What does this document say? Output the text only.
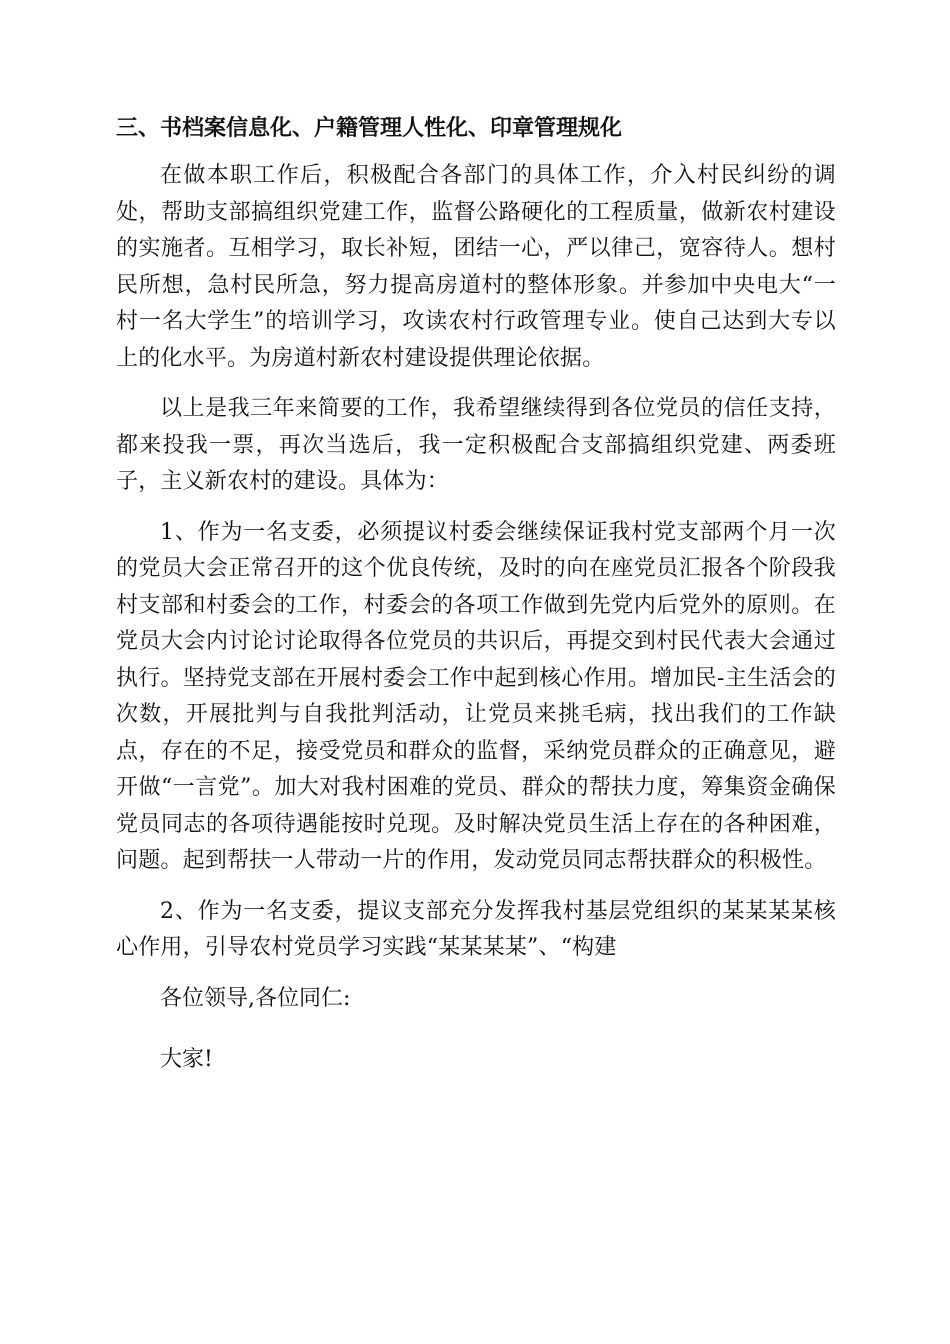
三、书档案信息化、户籍管理人性化、印章管理规化

在做本职工作后，积极配合各部门的具体工作，介入村民纠纷的调处，帮助支部搞组织党建工作，监督公路硬化的工程质量，做新农村建设的实施者。互相学习，取长补短，团结一心，严以律己，宽容待人。想村民所想，急村民所急，努力提高房道村的整体形象。并参加中央电大“一村一名大学生”的培训学习，攻读农村行政管理专业。使自己达到大专以上的化水平。为房道村新农村建设提供理论依据。

以上是我三年来简要的工作，我希望继续得到各位党员的信任支持，都来投我一票，再次当选后，我一定积极配合支部搞组织党建、两委班子，主义新农村的建设。具体为：

1、作为一名支委，必须提议村委会继续保证我村党支部两个月一次的党员大会正常召开的这个优良传统，及时的向在座党员汇报各个阶段我村支部和村委会的工作，村委会的各项工作做到先党内后党外的原则。在党员大会内讨论讨论取得各位党员的共识后，再提交到村民代表大会通过执行。坚持党支部在开展村委会工作中起到核心作用。增加民-主生活会的次数，开展批判与自我批判活动，让党员来挑毛病，找出我们的工作缺点，存在的不足，接受党员和群众的监督，采纳党员群众的正确意见，避开做“一言党”。加大对我村困难的党员、群众的帮扶力度，筹集资金确保党员同志的各项待遇能按时兑现。及时解决党员生活上存在的各种困难，问题。起到帮扶一人带动一片的作用，发动党员同志帮扶群众的积极性。

2、作为一名支委，提议支部充分发挥我村基层党组织的某某某某核心作用，引导农村党员学习实践“某某某某”、“构建

各位领导,各位同仁:

大家!
